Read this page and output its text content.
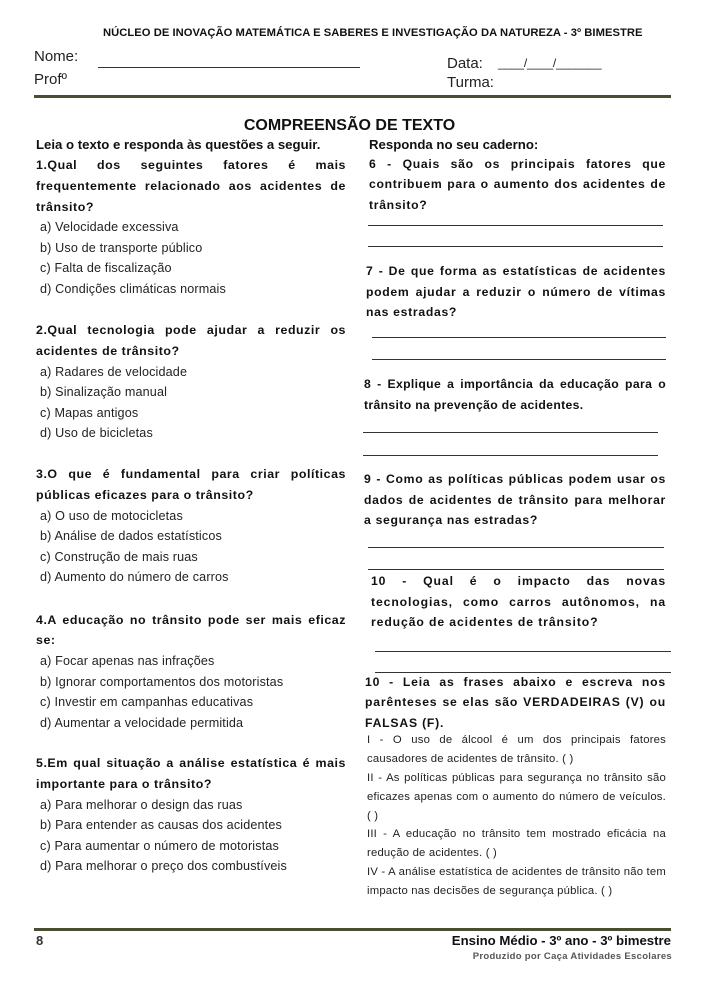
NÚCLEO DE INOVAÇÃO MATEMÁTICA E SABERES E INVESTIGAÇÃO DA NATUREZA - 3º BIMESTRE
Nome:
Profº
Data: ____/____/_______
Turma:
COMPREENSÃO DE TEXTO
Leia o texto e responda às questões a seguir.
1.Qual dos seguintes fatores é mais frequentemente relacionado aos acidentes de trânsito?
a) Velocidade excessiva
b) Uso de transporte público
c) Falta de fiscalização
d) Condições climáticas normais
2.Qual tecnologia pode ajudar a reduzir os acidentes de trânsito?
a) Radares de velocidade
b) Sinalização manual
c) Mapas antigos
d) Uso de bicicletas
3.O que é fundamental para criar políticas públicas eficazes para o trânsito?
a) O uso de motocicletas
b) Análise de dados estatísticos
c) Construção de mais ruas
d) Aumento do número de carros
4.A educação no trânsito pode ser mais eficaz se:
a) Focar apenas nas infrações
b) Ignorar comportamentos dos motoristas
c) Investir em campanhas educativas
d) Aumentar a velocidade permitida
5.Em qual situação a análise estatística é mais importante para o trânsito?
a) Para melhorar o design das ruas
b) Para entender as causas dos acidentes
c) Para aumentar o número de motoristas
d) Para melhorar o preço dos combustíveis
Responda no seu caderno:
6 - Quais são os principais fatores que contribuem para o aumento dos acidentes de trânsito?
7 - De que forma as estatísticas de acidentes podem ajudar a reduzir o número de vítimas nas estradas?
8 - Explique a importância da educação para o trânsito na prevenção de acidentes.
9 - Como as políticas públicas podem usar os dados de acidentes de trânsito para melhorar a segurança nas estradas?
10 - Qual é o impacto das novas tecnologias, como carros autônomos, na redução de acidentes de trânsito?
10 - Leia as frases abaixo e escreva nos parênteses se elas são VERDADEIRAS (V) ou FALSAS (F).
I - O uso de álcool é um dos principais fatores causadores de acidentes de trânsito. ( )
II - As políticas públicas para segurança no trânsito são eficazes apenas com o aumento do número de veículos. ( )
III - A educação no trânsito tem mostrado eficácia na redução de acidentes. ( )
IV - A análise estatística de acidentes de trânsito não tem impacto nas decisões de segurança pública. ( )
8	Ensino Médio - 3º ano - 3º bimestre
Produzido por Caça Atividades Escolares
